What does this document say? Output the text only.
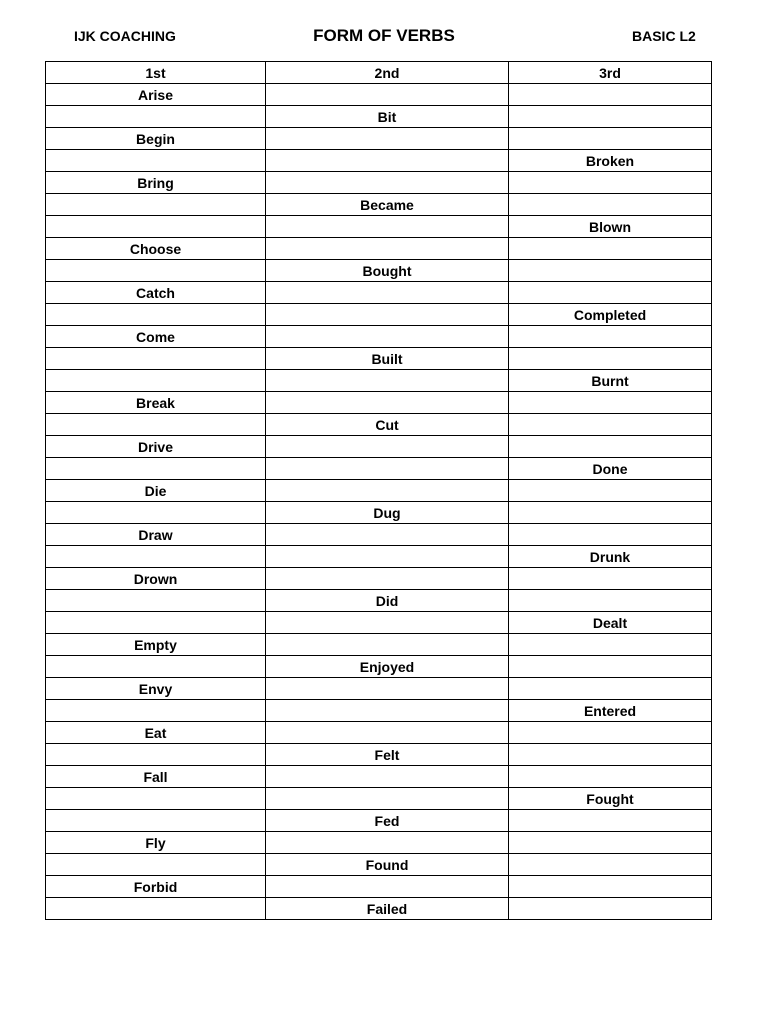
IJK COACHING	FORM OF VERBS	BASIC L2
1st	2nd	3rd
Arise		
	Bit	
Begin		
		Broken
Bring		
	Became	
		Blown
Choose		
	Bought	
Catch		
		Completed
Come		
	Built	
		Burnt
Break		
	Cut	
Drive		
		Done
Die		
	Dug	
Draw		
		Drunk
Drown		
	Did	
		Dealt
Empty		
	Enjoyed	
Envy		
		Entered
Eat		
	Felt	
Fall		
		Fought
	Fed	
Fly		
	Found	
Forbid		
	Failed	
